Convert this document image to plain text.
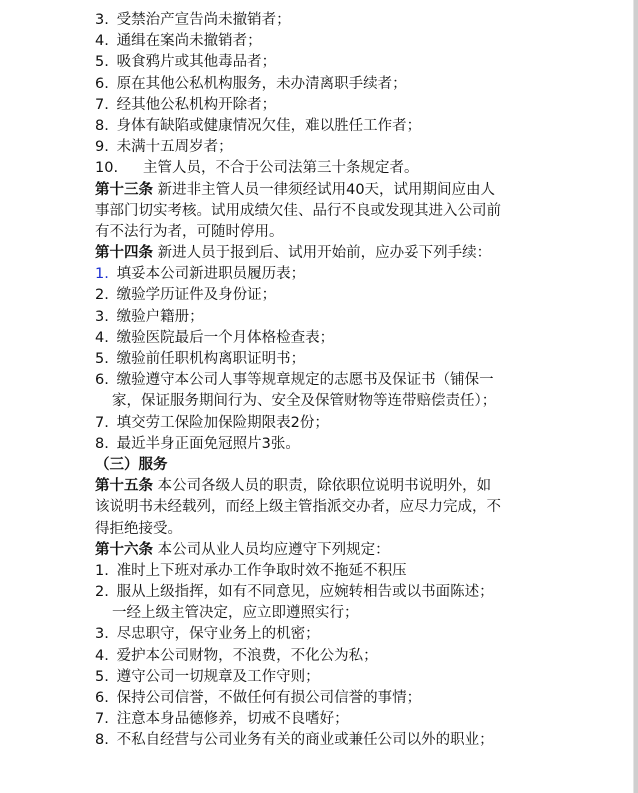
3. 受禁治产宣告尚未撤销者；
4. 通缉在案尚未撤销者；
5. 吸食鸦片或其他毒品者；
6. 原在其他公私机构服务，未办清离职手续者；
7. 经其他公私机构开除者；
8. 身体有缺陷或健康情况欠佳，难以胜任工作者；
9. 未满十五周岁者；
10. 主管人员，不合于公司法第三十条规定者。
第十三条 新进非主管人员一律须经试用40天，试用期间应由人
事部门切实考核。试用成绩欠佳、品行不良或发现其进入公司前
有不法行为者，可随时停用。
第十四条 新进人员于报到后、试用开始前，应办妥下列手续：
1. 填妥本公司新进职员履历表；
2. 缴验学历证件及身份证；
3. 缴验户籍册；
4. 缴验医院最后一个月体格检查表；
5. 缴验前任职机构离职证明书；
6. 缴验遵守本公司人事等规章规定的志愿书及保证书（铺保一
家，保证服务期间行为、安全及保管财物等连带赔偿责任）；
7. 填交劳工保险加保险期限表2份；
8. 最近半身正面免冠照片3张。
（三）服务
第十五条 本公司各级人员的职责，除依职位说明书说明外，如
该说明书未经载列，而经上级主管指派交办者，应尽力完成，不
得拒绝接受。
第十六条 本公司从业人员均应遵守下列规定：
1. 准时上下班对承办工作争取时效不拖延不积压
2. 服从上级指挥，如有不同意见，应婉转相告或以书面陈述；
一经上级主管决定，应立即遵照实行；
3. 尽忠职守，保守业务上的机密；
4. 爱护本公司财物，不浪费，不化公为私；
5. 遵守公司一切规章及工作守则；
6. 保持公司信誉，不做任何有损公司信誉的事情；
7. 注意本身品德修养，切戒不良嗜好；
8. 不私自经营与公司业务有关的商业或兼任公司以外的职业；
